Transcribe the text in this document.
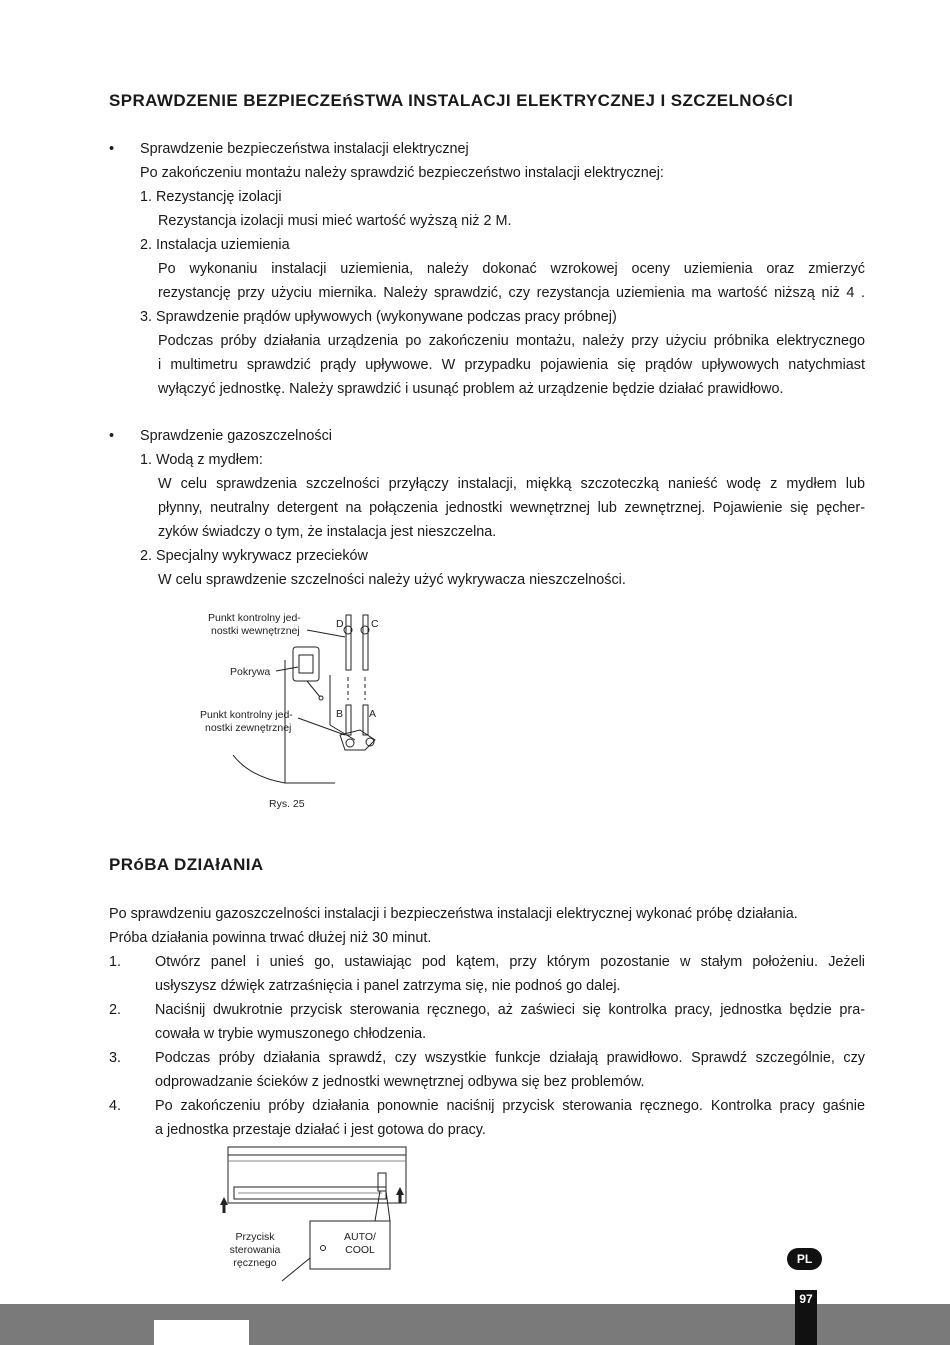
SPRAWDZENIE BEZPIECZEńSTWA INSTALACJI ELEKTRYCZNEJ I SZCZELNOśCI
• Sprawdzenie bezpieczeństwa instalacji elektrycznej
Po zakończeniu montażu należy sprawdzić bezpieczeństwo instalacji elektrycznej:
1. Rezystancję izolacji
Rezystancja izolacji musi mieć wartość wyższą niż 2 M.
2. Instalacja uziemienia
Po wykonaniu instalacji uziemienia, należy dokonać wzrokowej oceny uziemienia oraz zmierzyć
rezystancję przy użyciu miernika. Należy sprawdzić, czy rezystancja uziemienia ma wartość niższą niż 4 .
3. Sprawdzenie prądów upływowych (wykonywane podczas pracy próbnej)
Podczas próby działania urządzenia po zakończeniu montażu, należy przy użyciu próbnika elektrycznego
i multimetru sprawdzić prądy upływowe. W przypadku pojawienia się prądów upływowych natychmiast
wyłączyć jednostkę. Należy sprawdzić i usunąć problem aż urządzenie będzie działać prawidłowo.
• Sprawdzenie gazoszczelności
1. Wodą z mydłem:
W celu sprawdzenia szczelności przyłączy instalacji, miękką szczoteczką nanieść wodę z mydłem lub
płynny, neutralny detergent na połączenia jednostki wewnętrznej lub zewnętrznej. Pojawienie się pęcher-
zyków świadczy o tym, że instalacja jest nieszczelna.
2. Specjalny wykrywacz przecieków
W celu sprawdzenie szczelności należy użyć wykrywacza nieszczelności.
Punkt kontrolny jed-
nostki wewnętrznej
Pokrywa
Punkt kontrolny jed-
nostki zewnętrznej
D	C
B A
Rys. 25
PRóBA DZIAłANIA
Po sprawdzeniu gazoszczelności instalacji i bezpieczeństwa instalacji elektrycznej wykonać próbę działania.
Próba działania powinna trwać dłużej niż 30 minut.
1. Otwórz panel i unieś go, ustawiając pod kątem, przy którym pozostanie w stałym położeniu. Jeżeli
usłyszysz dźwięk zatrzaśnięcia i panel zatrzyma się, nie podnoś go dalej.
2. Naciśnij dwukrotnie przycisk sterowania ręcznego, aż zaświeci się kontrolka pracy, jednostka będzie pra-
cowała w trybie wymuszonego chłodzenia.
3. Podczas próby działania sprawdź, czy wszystkie funkcje działają prawidłowo. Sprawdź szczególnie, czy
odprowadzanie ścieków z jednostki wewnętrznej odbywa się bez problemów.
4. Po zakończeniu próby działania ponownie naciśnij przycisk sterowania ręcznego. Kontrolka pracy gaśnie
a jednostka przestaje działać i jest gotowa do pracy.
Przycisk
sterowania
ręcznego
AUTO/
COOL
PL
97
